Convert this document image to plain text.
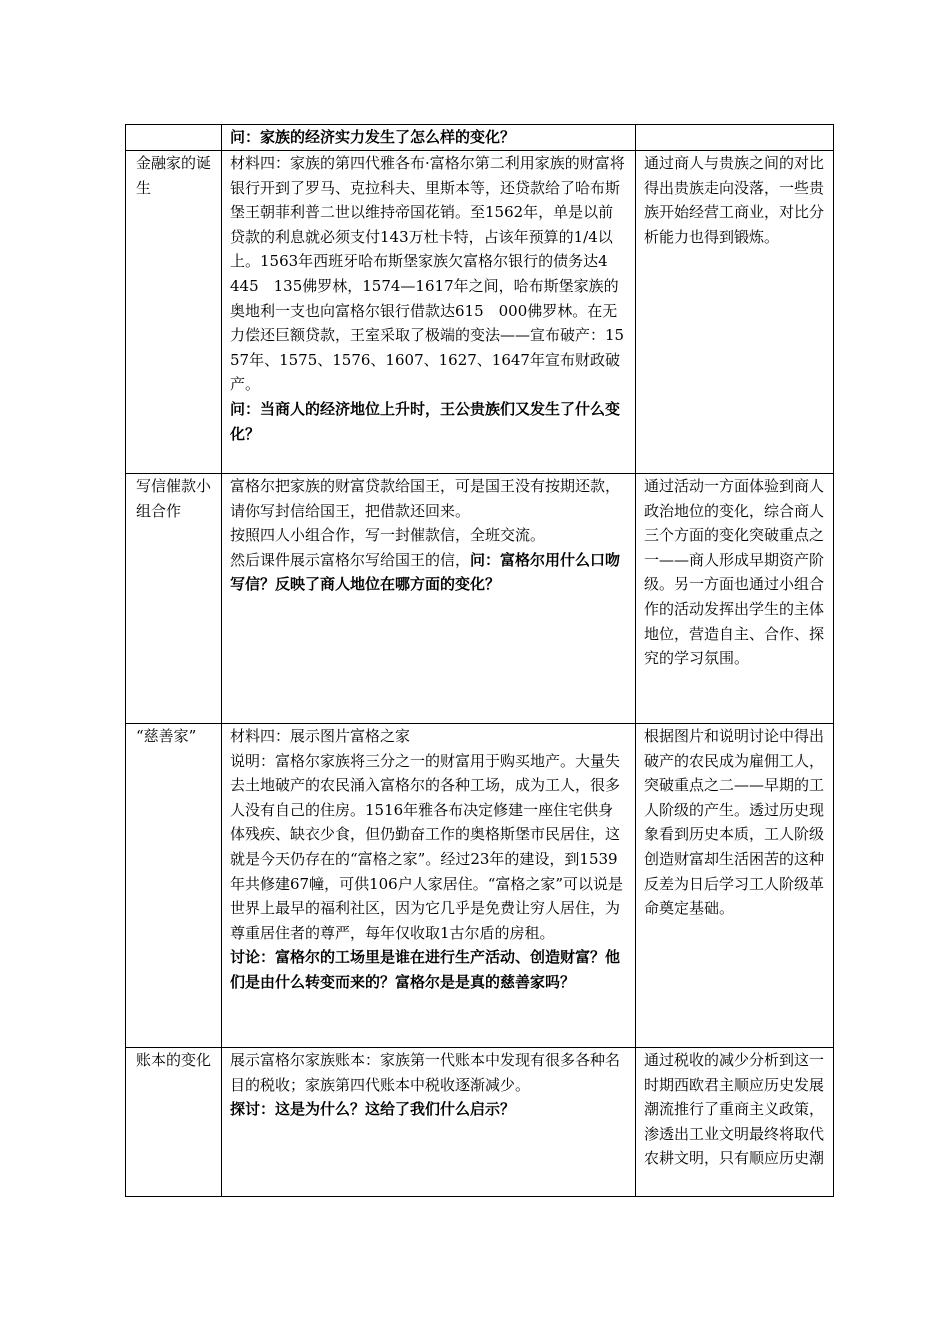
	问：家族的经济实力发生了怎么样的变化？	

金融家的诞生	材料四：家族的第四代雅各布·富格尔第二利用家族的财富将银行开到了罗马、克拉科夫、里斯本等，还贷款给了哈布斯堡王朝菲利普二世以维持帝国花销。至1562年，单是以前贷款的利息就必须支付143万杜卡特，占该年预算的1/4以上。1563年西班牙哈布斯堡家族欠富格尔银行的债务达4　445　135佛罗林，1574—1617年之间，哈布斯堡家族的奥地利一支也向富格尔银行借款达615　000佛罗林。在无力偿还巨额贷款，王室采取了极端的变法——宣布破产：1557年、1575、1576、1607、1627、1647年宣布财政破产。
问：当商人的经济地位上升时，王公贵族们又发生了什么变化？	通过商人与贵族之间的对比得出贵族走向没落，一些贵族开始经营工商业，对比分析能力也得到锻炼。
写信催款小组合作	富格尔把家族的财富贷款给国王，可是国王没有按期还款，请你写封信给国王，把借款还回来。
按照四人小组合作，写一封催款信，全班交流。
然后课件展示富格尔写给国王的信，问：富格尔用什么口吻写信？反映了商人地位在哪方面的变化？	通过活动一方面体验到商人政治地位的变化，综合商人三个方面的变化突破重点之一——商人形成早期资产阶级。另一方面也通过小组合作的活动发挥出学生的主体地位，营造自主、合作、探究的学习氛围。
“慈善家”	材料四：展示图片富格之家
说明：富格尔家族将三分之一的财富用于购买地产。大量失去土地破产的农民涌入富格尔的各种工场，成为工人，很多人没有自己的住房。1516年雅各布决定修建一座住宅供身体残疾、缺衣少食，但仍勤奋工作的奥格斯堡市民居住，这就是今天仍存在的“富格之家”。经过23年的建设，到1539年共修建67幢，可供106户人家居住。“富格之家”可以说是世界上最早的福利社区，因为它几乎是免费让穷人居住，为尊重居住者的尊严，每年仅收取1古尔盾的房租。
讨论：富格尔的工场里是谁在进行生产活动、创造财富？他们是由什么转变而来的？富格尔是是真的慈善家吗？	根据图片和说明讨论中得出破产的农民成为雇佣工人，突破重点之二——早期的工人阶级的产生。透过历史现象看到历史本质，工人阶级创造财富却生活困苦的这种反差为日后学习工人阶级革命奠定基础。
账本的变化	展示富格尔家族账本：家族第一代账本中发现有很多各种名目的税收；家族第四代账本中税收逐渐减少。
探讨：这是为什么？这给了我们什么启示？	通过税收的减少分析到这一时期西欧君主顺应历史发展潮流推行了重商主义政策，渗透出工业文明最终将取代农耕文明，只有顺应历史潮
